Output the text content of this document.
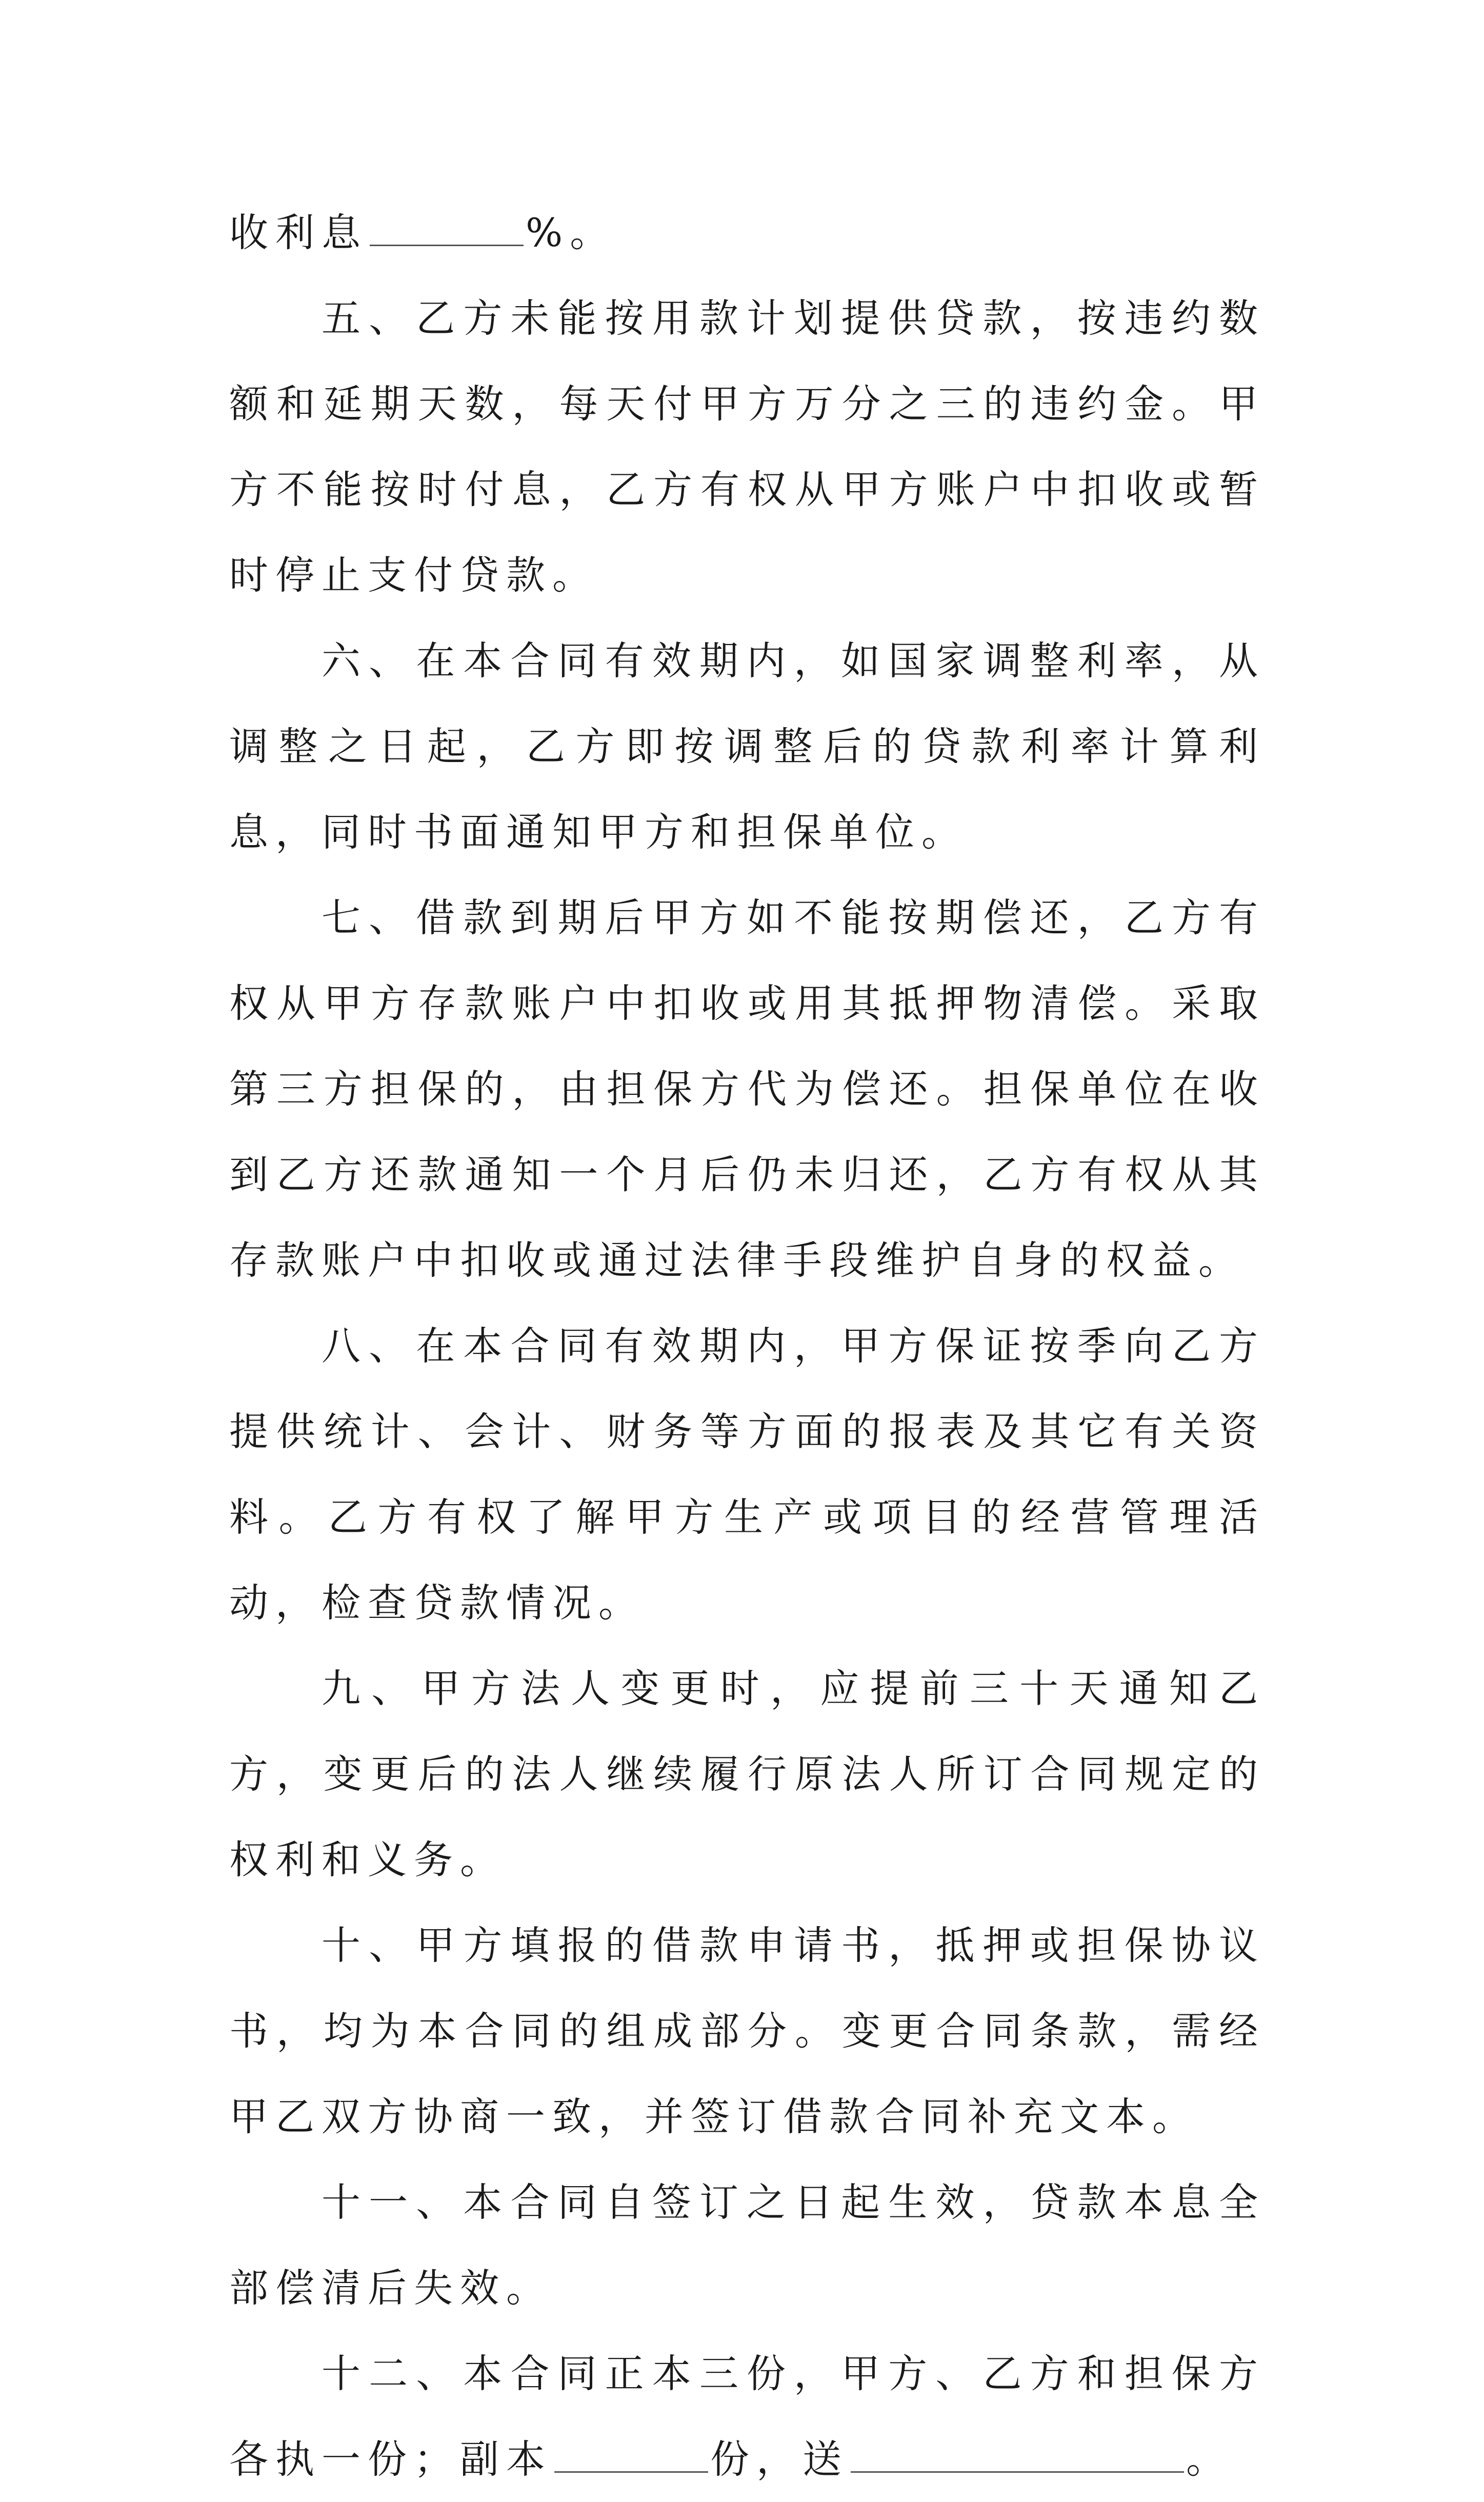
收利息	%。

五、乙方未能按用款计划提供贷款，按违约数额和延期天数，每天付甲方万分之三的违约金。甲方不能按时付息，乙方有权从甲方账户中扣收或暂时停止支付贷款。

六、在本合同有效期内，如国家调整利率，从调整之日起，乙方即按调整后的贷款利率计算利息，同时书面通知甲方和担保单位。

七、借款到期后甲方如不能按期偿还，乙方有权从甲方存款账户中扣收或用其抵押物清偿。采取第三方担保的，由担保方代为偿还。担保单位在收到乙方还款通知一个月后仍未归还，乙方有权从其存款账户中扣收或通过法律手段维护自身的权益。

八、在本合同有效期内，甲方保证按季向乙方提供统计、会计、财务等方面的报表及其它有关资料。乙方有权了解甲方生产或项目的经营管理活动，检查贷款情况。

九、甲方法人变更时，应提前三十天通知乙方，变更后的法人继续履行原法人所订合同规定的权利和义务。

十、甲方填报的借款申请书，抵押或担保协议书，均为本合同的组成部分。变更合同条款，需经甲乙双方协商一致，并签订借款合同补充文本。

十一、本合同自签订之日起生效，贷款本息全部偿清后失效。

十二、本合同正本三份，甲方、乙方和担保方各执一份；副本	份，送	。
